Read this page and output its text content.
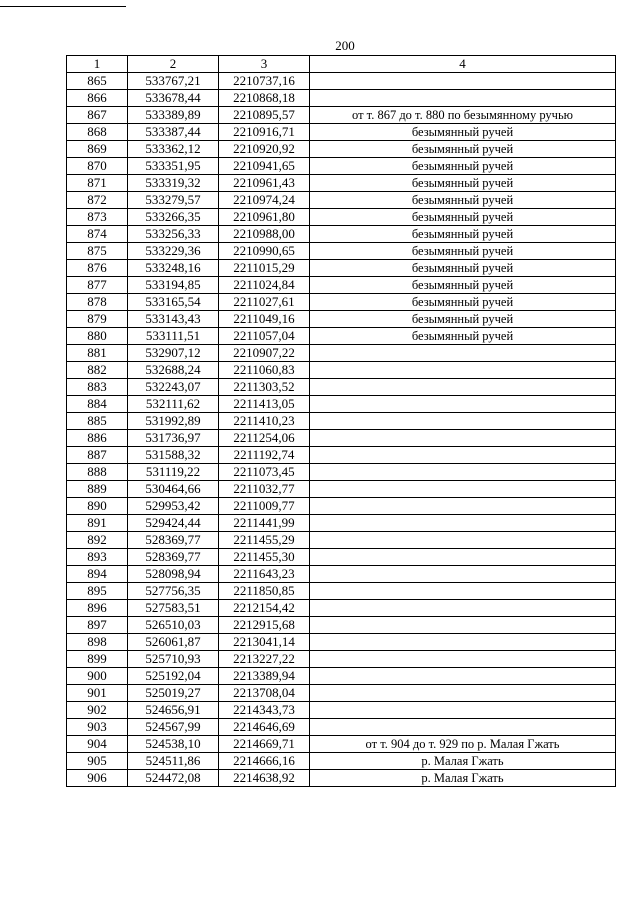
200
1	2	3	4
865	533767,21	2210737,16	
866	533678,44	2210868,18	
867	533389,89	2210895,57	от т. 867 до т. 880 по безымянному ручью
868	533387,44	2210916,71	безымянный ручей
869	533362,12	2210920,92	безымянный ручей
870	533351,95	2210941,65	безымянный ручей
871	533319,32	2210961,43	безымянный ручей
872	533279,57	2210974,24	безымянный ручей
873	533266,35	2210961,80	безымянный ручей
874	533256,33	2210988,00	безымянный ручей
875	533229,36	2210990,65	безымянный ручей
876	533248,16	2211015,29	безымянный ручей
877	533194,85	2211024,84	безымянный ручей
878	533165,54	2211027,61	безымянный ручей
879	533143,43	2211049,16	безымянный ручей
880	533111,51	2211057,04	безымянный ручей
881	532907,12	2210907,22	
882	532688,24	2211060,83	
883	532243,07	2211303,52	
884	532111,62	2211413,05	
885	531992,89	2211410,23	
886	531736,97	2211254,06	
887	531588,32	2211192,74	
888	531119,22	2211073,45	
889	530464,66	2211032,77	
890	529953,42	2211009,77	
891	529424,44	2211441,99	
892	528369,77	2211455,29	
893	528369,77	2211455,30	
894	528098,94	2211643,23	
895	527756,35	2211850,85	
896	527583,51	2212154,42	
897	526510,03	2212915,68	
898	526061,87	2213041,14	
899	525710,93	2213227,22	
900	525192,04	2213389,94	
901	525019,27	2213708,04	
902	524656,91	2214343,73	
903	524567,99	2214646,69	
904	524538,10	2214669,71	от т. 904 до т. 929 по р. Малая Гжать
905	524511,86	2214666,16	р. Малая Гжать
906	524472,08	2214638,92	р. Малая Гжать
